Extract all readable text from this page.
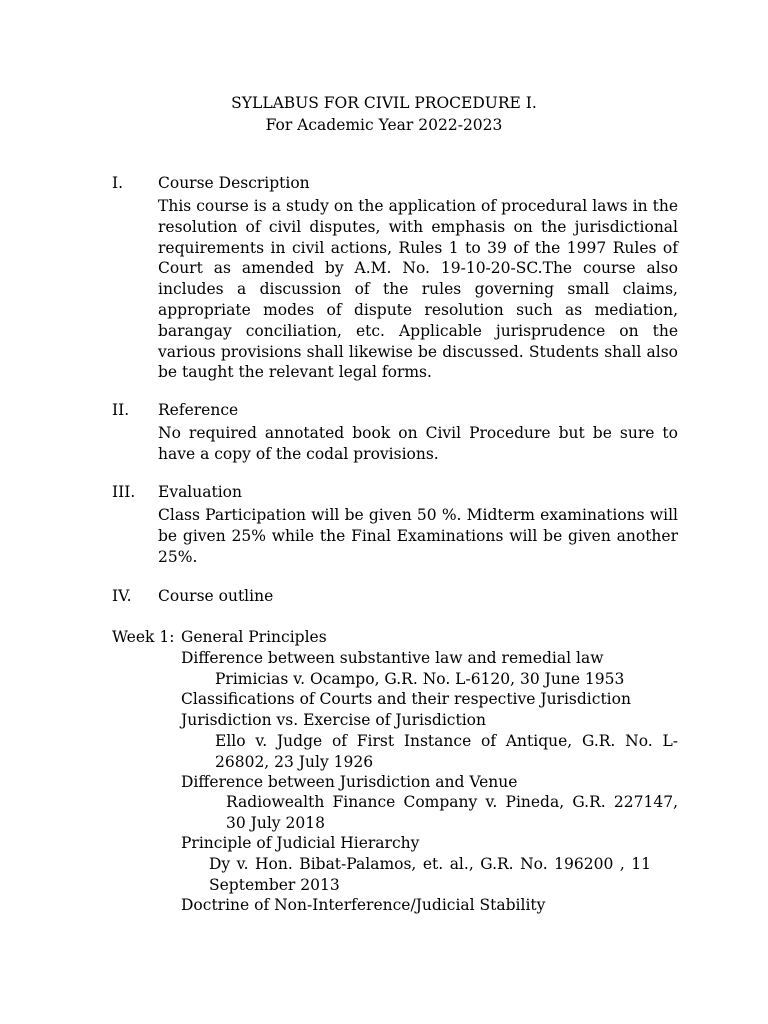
SYLLABUS FOR CIVIL PROCEDURE I.
For Academic Year 2022-2023
I. Course Description
This course is a study on the application of procedural laws in the resolution of civil disputes, with emphasis on the jurisdictional requirements in civil actions, Rules 1 to 39 of the 1997 Rules of Court as amended by A.M. No. 19-10-20-SC.The course also includes a discussion of the rules governing small claims, appropriate modes of dispute resolution such as mediation, barangay conciliation, etc. Applicable jurisprudence on the various provisions shall likewise be discussed. Students shall also be taught the relevant legal forms.
II. Reference
No required annotated book on Civil Procedure but be sure to have a copy of the codal provisions.
III. Evaluation
Class Participation will be given 50 %. Midterm examinations will be given 25% while the Final Examinations will be given another 25%.
IV. Course outline
Week 1: General Principles
Difference between substantive law and remedial law
Primicias v. Ocampo, G.R. No. L-6120, 30 June 1953
Classifications of Courts and their respective Jurisdiction
Jurisdiction vs. Exercise of Jurisdiction
Ello v. Judge of First Instance of Antique, G.R. No. L-26802, 23 July 1926
Difference between Jurisdiction and Venue
Radiowealth Finance Company v. Pineda, G.R. 227147, 30 July 2018
Principle of Judicial Hierarchy
Dy v. Hon. Bibat-Palamos, et. al., G.R. No. 196200 , 11 September 2013
Doctrine of Non-Interference/Judicial Stability
